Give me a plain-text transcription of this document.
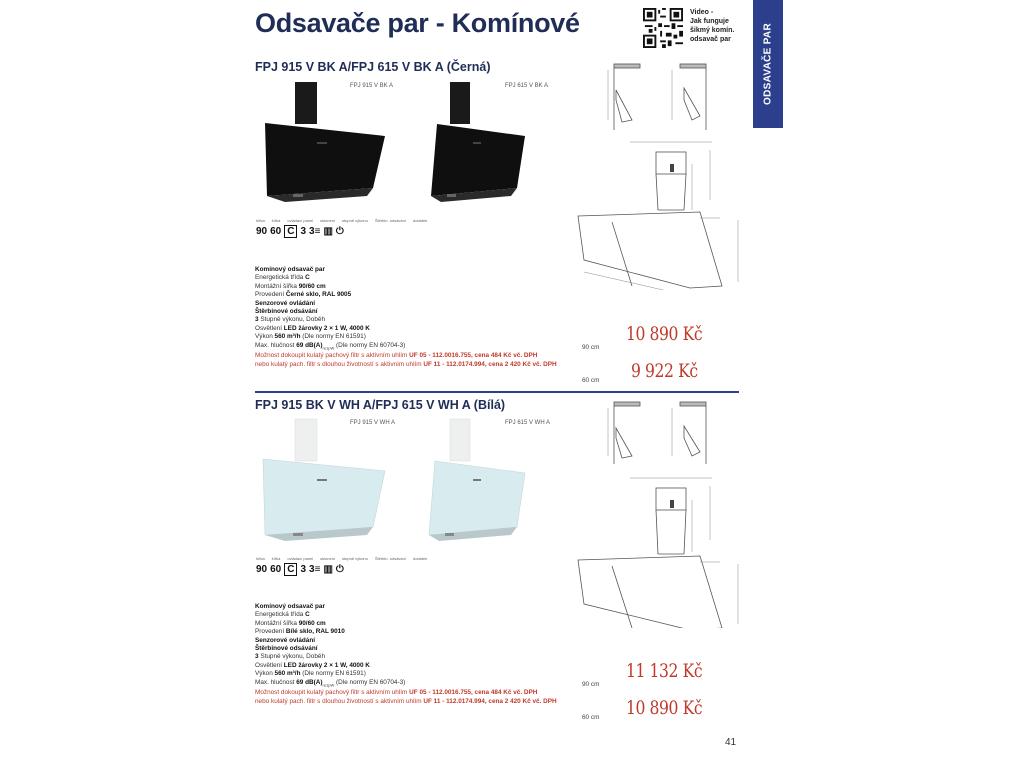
Odsavače par - Komínové	Video -
Jak funguje
šikmý komín.
odsavač par	ODSAVAČE PAR
FPJ 915 V BK A/FPJ 615 V BK A (Černá)
FPJ 915 V BK A	FPJ 615 V BK A
šířka šířka ovládací panel sklonení stupně výkonu Štěrbin. odsávání dodatek
90 60 C 3 3≡ ▥ ⏻
Komínový odsavač par
Energetická třída C
Montážní šířka 90/60 cm
Provedení Černé sklo, RAL 9005
Senzorové ovládání
Štěrbinové odsávání
3 Stupně výkonu, Doběh
Osvětlení LED žárovky 2 × 1 W, 4000 K
Výkon 560 m³/h (Dle normy EN 61591)
Max. hlučnost 69 $dB(A)_{re1pW}$ (Dle normy EN 60704-3)
Možnost dokoupit kulatý pachový filtr s aktivním uhlím UF 05 - 112.0016.755, cena 484 Kč vč. DPH
nebo kulatý pach. filtr s dlouhou životností s aktivním uhlím UF 11 - 112.0174.994, cena 2 420 Kč vč. DPH
90 cm
60 cm
10 890 Kč
9 922 Kč
FPJ 915 BK V WH A/FPJ 615 V WH A (Bílá)
FPJ 915 V WH A	FPJ 615 V WH A
šířka šířka ovládací panel sklonení stupně výkonu Štěrbin. odsávání dodatek
90 60 C 3 3≡ ▥ ⏻
Komínový odsavač par
Energetická třída C
Montážní šířka 90/60 cm
Provedení Bílé sklo, RAL 9010
Senzorové ovládání
Štěrbinové odsávání
3 Stupně výkonu, Doběh
Osvětlení LED žárovky 2 × 1 W, 4000 K
Výkon 560 m³/h (Dle normy EN 61591)
Max. hlučnost 69 $dB(A)_{re1pW}$ (Dle normy EN 60704-3)
Možnost dokoupit kulatý pachový filtr s aktivním uhlím UF 05 - 112.0016.755, cena 484 Kč vč. DPH
nebo kulatý pach. filtr s dlouhou životností s aktivním uhlím UF 11 - 112.0174.994, cena 2 420 Kč vč. DPH
90 cm
60 cm
11 132 Kč
10 890 Kč
41
